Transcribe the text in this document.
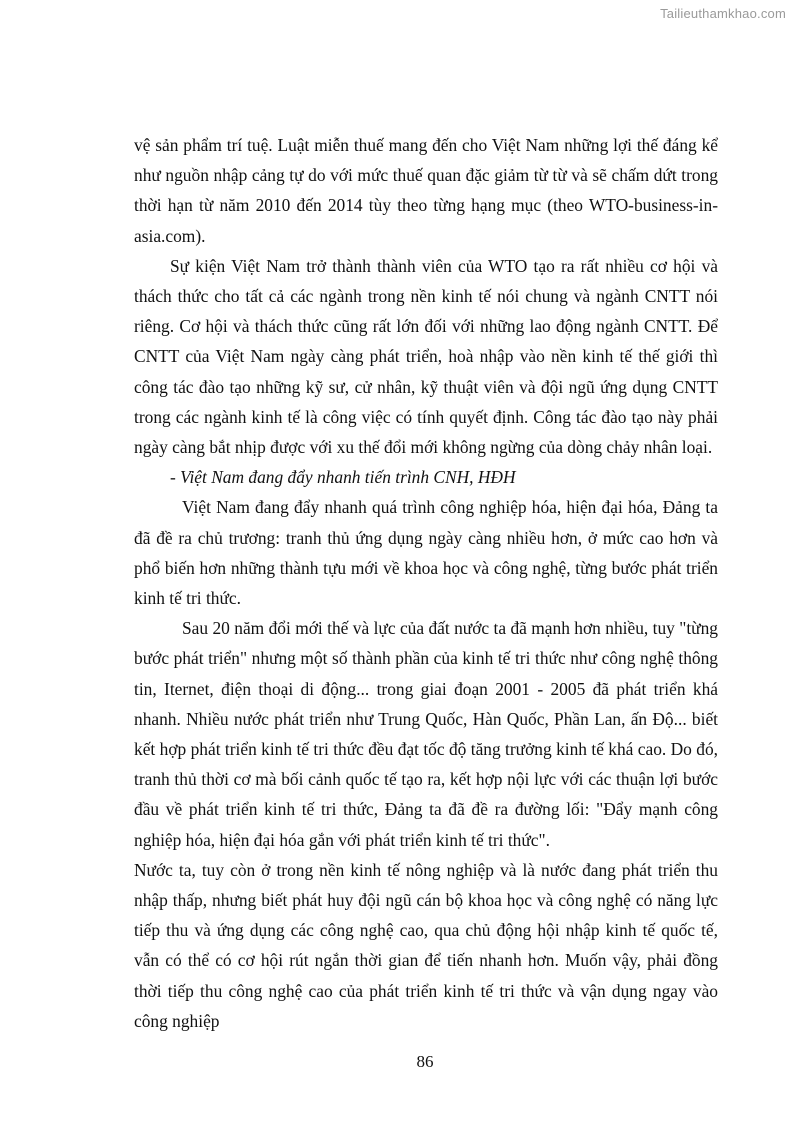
Tailieuthamkhao.com

vệ sản phẩm trí tuệ. Luật miễn thuế mang đến cho Việt Nam những lợi thế đáng kể như nguồn nhập cảng tự do với mức thuế quan đặc giảm từ từ và sẽ chấm dứt trong thời hạn từ năm 2010 đến 2014 tùy theo từng hạng mục (theo WTO-business-in-asia.com).

Sự kiện Việt Nam trở thành thành viên của WTO tạo ra rất nhiều cơ hội và thách thức cho tất cả các ngành trong nền kinh tế nói chung và ngành CNTT nói riêng. Cơ hội và thách thức cũng rất lớn đối với những lao động ngành CNTT. Để CNTT của Việt Nam ngày càng phát triển, hoà nhập vào nền kinh tế thế giới thì công tác đào tạo những kỹ sư, cử nhân, kỹ thuật viên và đội ngũ ứng dụng CNTT trong các ngành kinh tế là công việc có tính quyết định. Công tác đào tạo này phải ngày càng bắt nhịp được với xu thế đổi mới không ngừng của dòng chảy nhân loại.

- Việt Nam đang đẩy nhanh tiến trình CNH, HĐH

Việt Nam đang đẩy nhanh quá trình công nghiệp hóa, hiện đại hóa, Đảng ta đã đề ra chủ trương: tranh thủ ứng dụng ngày càng nhiều hơn, ở mức cao hơn và phổ biến hơn những thành tựu mới về khoa học và công nghệ, từng bước phát triển kinh tế tri thức.

Sau 20 năm đổi mới thế và lực của đất nước ta đã mạnh hơn nhiều, tuy "từng bước phát triển" nhưng một số thành phần của kinh tế tri thức như công nghệ thông tin, Iternet, điện thoại di động... trong giai đoạn 2001 - 2005 đã phát triển khá nhanh. Nhiều nước phát triển như Trung Quốc, Hàn Quốc, Phần Lan, ấn Độ... biết kết hợp phát triển kinh tế tri thức đều đạt tốc độ tăng trưởng kinh tế khá cao. Do đó, tranh thủ thời cơ mà bối cảnh quốc tế tạo ra, kết hợp nội lực với các thuận lợi bước đầu về phát triển kinh tế tri thức, Đảng ta đã đề ra đường lối: "Đẩy mạnh công nghiệp hóa, hiện đại hóa gắn với phát triển kinh tế tri thức".

Nước ta, tuy còn ở trong nền kinh tế nông nghiệp và là nước đang phát triển thu nhập thấp, nhưng biết phát huy đội ngũ cán bộ khoa học và công nghệ có năng lực tiếp thu và ứng dụng các công nghệ cao, qua chủ động hội nhập kinh tế quốc tế, vẫn có thể có cơ hội rút ngắn thời gian để tiến nhanh hơn. Muốn vậy, phải đồng thời tiếp thu công nghệ cao của phát triển kinh tế tri thức và vận dụng ngay vào công nghiệp

86
